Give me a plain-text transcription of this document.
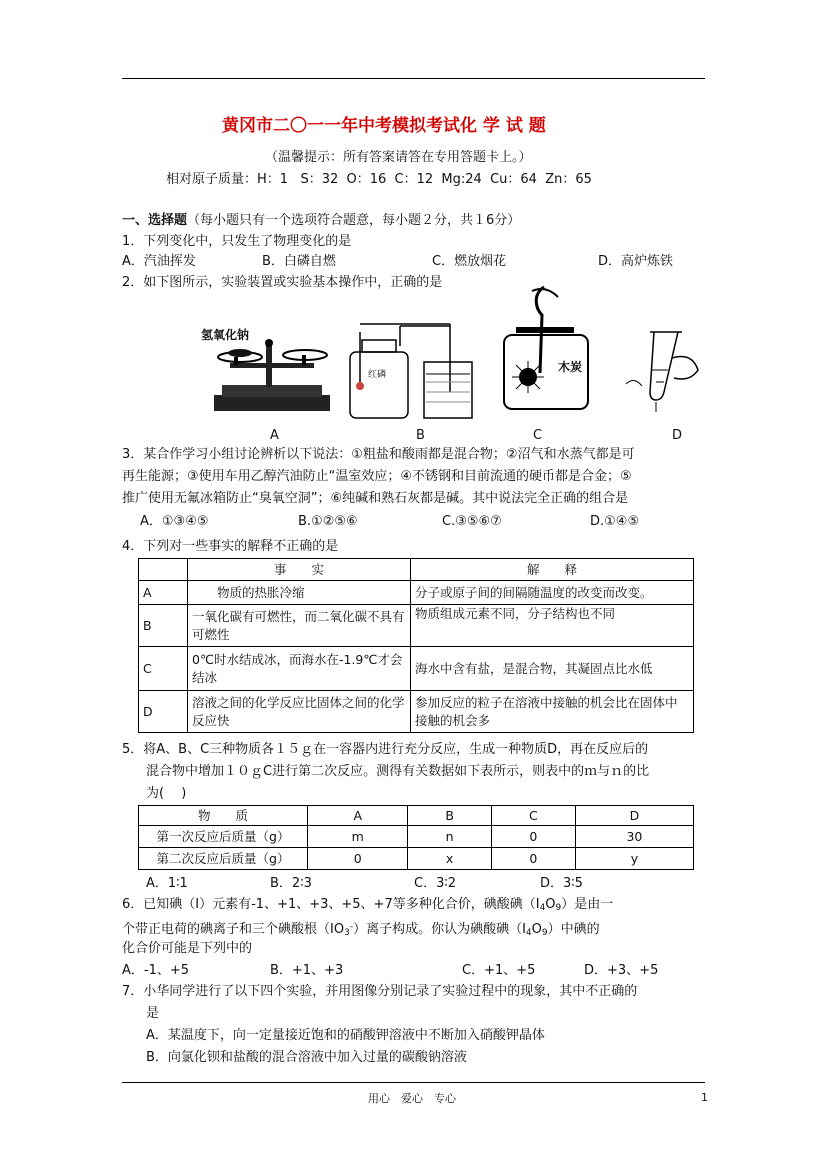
黄冈市二〇一一年中考模拟考试化 学 试 题
（温馨提示：所有答案请答在专用答题卡上。）
相对原子质量：H：1   S：32  O：16  C：12  Mg:24  Cu：64  Zn：65
一、选择题（每小题只有一个选项符合题意，每小题２分，共１6分）
1．下列变化中，只发生了物理变化的是
A．汽油挥发	B．白磷自燃	C．燃放烟花	D．高炉炼铁
2．如下图所示，实验装置或实验基本操作中，正确的是
氢氧化钠
红磷
木炭
A	B	C	D
3．某合作学习小组讨论辨析以下说法：①粗盐和酸雨都是混合物；②沼气和水蒸气都是可
再生能源；③使用车用乙醇汽油防止“温室效应；④不锈钢和目前流通的硬币都是合金；⑤
推广使用无氟冰箱防止“臭氧空洞”；⑥纯碱和熟石灰都是碱。其中说法完全正确的组合是
A．①③④⑤	B.①②⑤⑥	C.③⑤⑥⑦	D.①④⑤
4．下列对一些事实的解释不正确的是
	事　　实	解　　释
A	　　物质的热胀冷缩	分子或原子间的间隔随温度的改变而改变。
B	一氧化碳有可燃性，而二氧化碳不具有可燃性	物质组成元素不同，分子结构也不同
C	0℃时水结成冰，而海水在-1.9℃才会结冰	海水中含有盐，是混合物，其凝固点比水低
D	溶液之间的化学反应比固体之间的化学反应快	参加反应的粒子在溶液中接触的机会比在固体中接触的机会多
5．将A、B、C三种物质各１５ｇ在一容器内进行充分反应，生成一种物质D，再在反应后的
混合物中增加１０ｇC进行第二次反应。测得有关数据如下表所示，则表中的ｍ与ｎ的比
为(　 )
物　　质	A	B	C	D
第一次反应后质量（g）	m	n	0	30
第二次反应后质量（g）	0	x	0	y
A．1∶1	B．2∶3	C．3∶2	D．3∶5
6．已知碘（I）元素有-1、+1、+3、+5、+7等多种化合价，碘酸碘$(I_4O_9)$是由一
个带正电荷的碘离子和三个碘酸根$(IO_3^-)$离子构成。你认为碘酸碘$(I_4O_9)$中碘的
化合价可能是下列中的
A．-1、+5	B．+1、+3	C．+1、+5	D．+3、+5
7．小华同学进行了以下四个实验，并用图像分别记录了实验过程中的现象，其中不正确的
是
A．某温度下，向一定量接近饱和的硝酸钾溶液中不断加入硝酸钾晶体
B．向氯化钡和盐酸的混合溶液中加入过量的碳酸钠溶液
用心　爱心　专心	1
